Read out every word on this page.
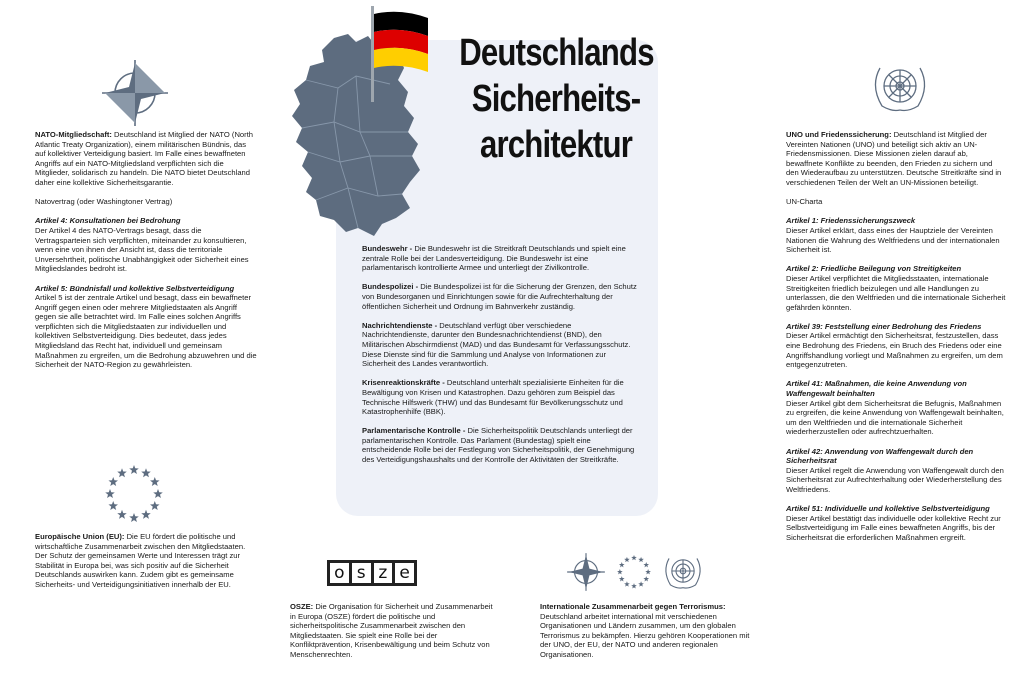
Deutschlands
Sicherheits-
architektur
o s z e

NATO-Mitgliedschaft: Deutschland ist Mitglied der NATO (North Atlantic Treaty Organization), einem militärischen Bündnis, das auf kollektiver Verteidigung basiert. Im Falle eines bewaffneten Angriffs auf ein NATO-Mitgliedsland verpflichten sich die Mitglieder, solidarisch zu handeln. Die NATO bietet Deutschland daher eine kollektive Sicherheitsgarantie.

Natovertrag (oder Washingtoner Vertrag)

Artikel 4: Konsultationen bei Bedrohung

Der Artikel 4 des NATO-Vertrags besagt, dass die Vertragsparteien sich verpflichten, miteinander zu konsultieren, wenn eine von ihnen der Ansicht ist, dass die territoriale Unversehrtheit, politische Unabhängigkeit oder Sicherheit eines Mitgliedslandes bedroht ist.

Artikel 5: Bündnisfall und kollektive Selbstverteidigung

Artikel 5 ist der zentrale Artikel und besagt, dass ein bewaffneter Angriff gegen einen oder mehrere Mitgliedstaaten als Angriff gegen sie alle betrachtet wird. Im Falle eines solchen Angriffs verpflichten sich die Mitgliedstaaten zur individuellen und kollektiven Selbstverteidigung. Dies bedeutet, dass jedes Mitgliedsland das Recht hat, individuell und gemeinsam Maßnahmen zu ergreifen, um die Bedrohung abzuwehren und die Sicherheit der NATO-Region zu gewährleisten.

Europäische Union (EU): Die EU fördert die politische und wirtschaftliche Zusammenarbeit zwischen den Mitgliedstaaten. Der Schutz der gemeinsamen Werte und Interessen trägt zur Stabilität in Europa bei, was sich positiv auf die Sicherheit Deutschlands auswirken kann. Zudem gibt es gemeinsame Sicherheits- und Verteidigungsinitiativen innerhalb der EU.

Bundeswehr - Die Bundeswehr ist die Streitkraft Deutschlands und spielt eine zentrale Rolle bei der Landesverteidigung. Die Bundeswehr ist eine parlamentarisch kontrollierte Armee und unterliegt der Zivilkontrolle.

Bundespolizei - Die Bundespolizei ist für die Sicherung der Grenzen, den Schutz von Bundesorganen und Einrichtungen sowie für die Aufrechterhaltung der öffentlichen Sicherheit und Ordnung im Bahnverkehr zuständig.

Nachrichtendienste - Deutschland verfügt über verschiedene Nachrichtendienste, darunter den Bundesnachrichtendienst (BND), den Militärischen Abschirmdienst (MAD) und das Bundesamt für Verfassungsschutz. Diese Dienste sind für die Sammlung und Analyse von Informationen zur Sicherheit des Landes verantwortlich.

Krisenreaktionskräfte - Deutschland unterhält spezialisierte Einheiten für die Bewältigung von Krisen und Katastrophen. Dazu gehören zum Beispiel das Technische Hilfswerk (THW) und das Bundesamt für Bevölkerungsschutz und Katastrophenhilfe (BBK).

Parlamentarische Kontrolle - Die Sicherheitspolitik Deutschlands unterliegt der parlamentarischen Kontrolle. Das Parlament (Bundestag) spielt eine entscheidende Rolle bei der Festlegung von Sicherheitspolitik, der Genehmigung des Verteidigungshaushalts und der Kontrolle der Aktivitäten der Streitkräfte.

OSZE: Die Organisation für Sicherheit und Zusammenarbeit in Europa (OSZE) fördert die politische und sicherheitspolitische Zusammenarbeit zwischen den Mitgliedstaaten. Sie spielt eine Rolle bei der Konfliktprävention, Krisenbewältigung und beim Schutz von Menschenrechten.

Internationale Zusammenarbeit gegen Terrorismus:

Deutschland arbeitet international mit verschiedenen Organisationen und Ländern zusammen, um den globalen Terrorismus zu bekämpfen. Hierzu gehören Kooperationen mit der UNO, der EU, der NATO und anderen regionalen Organisationen.

UNO und Friedenssicherung: Deutschland ist Mitglied der Vereinten Nationen (UNO) und beteiligt sich aktiv an UN-Friedensmissionen. Diese Missionen zielen darauf ab, bewaffnete Konflikte zu beenden, den Frieden zu sichern und den Wiederaufbau zu unterstützen. Deutsche Streitkräfte sind in verschiedenen Teilen der Welt an UN-Missionen beteiligt.

UN-Charta

Artikel 1: Friedenssicherungszweck

Dieser Artikel erklärt, dass eines der Hauptziele der Vereinten Nationen die Wahrung des Weltfriedens und der internationalen Sicherheit ist.

Artikel 2: Friedliche Beilegung von Streitigkeiten

Dieser Artikel verpflichtet die Mitgliedsstaaten, internationale Streitigkeiten friedlich beizulegen und alle Handlungen zu unterlassen, die den Weltfrieden und die internationale Sicherheit gefährden könnten.

Artikel 39: Feststellung einer Bedrohung des Friedens

Dieser Artikel ermächtigt den Sicherheitsrat, festzustellen, dass eine Bedrohung des Friedens, ein Bruch des Friedens oder eine Angriffshandlung vorliegt und Maßnahmen zu ergreifen, um dem entgegenzutreten.

Artikel 41: Maßnahmen, die keine Anwendung von Waffengewalt beinhalten

Dieser Artikel gibt dem Sicherheitsrat die Befugnis, Maßnahmen zu ergreifen, die keine Anwendung von Waffengewalt beinhalten, um den Weltfrieden und die internationale Sicherheit wiederherzustellen oder aufrechtzuerhalten.

Artikel 42: Anwendung von Waffengewalt durch den Sicherheitsrat

Dieser Artikel regelt die Anwendung von Waffengewalt durch den Sicherheitsrat zur Aufrechterhaltung oder Wiederherstellung des Weltfriedens.

Artikel 51: Individuelle und kollektive Selbstverteidigung

Dieser Artikel bestätigt das individuelle oder kollektive Recht zur Selbstverteidigung im Falle eines bewaffneten Angriffs, bis der Sicherheitsrat die erforderlichen Maßnahmen ergreift.
